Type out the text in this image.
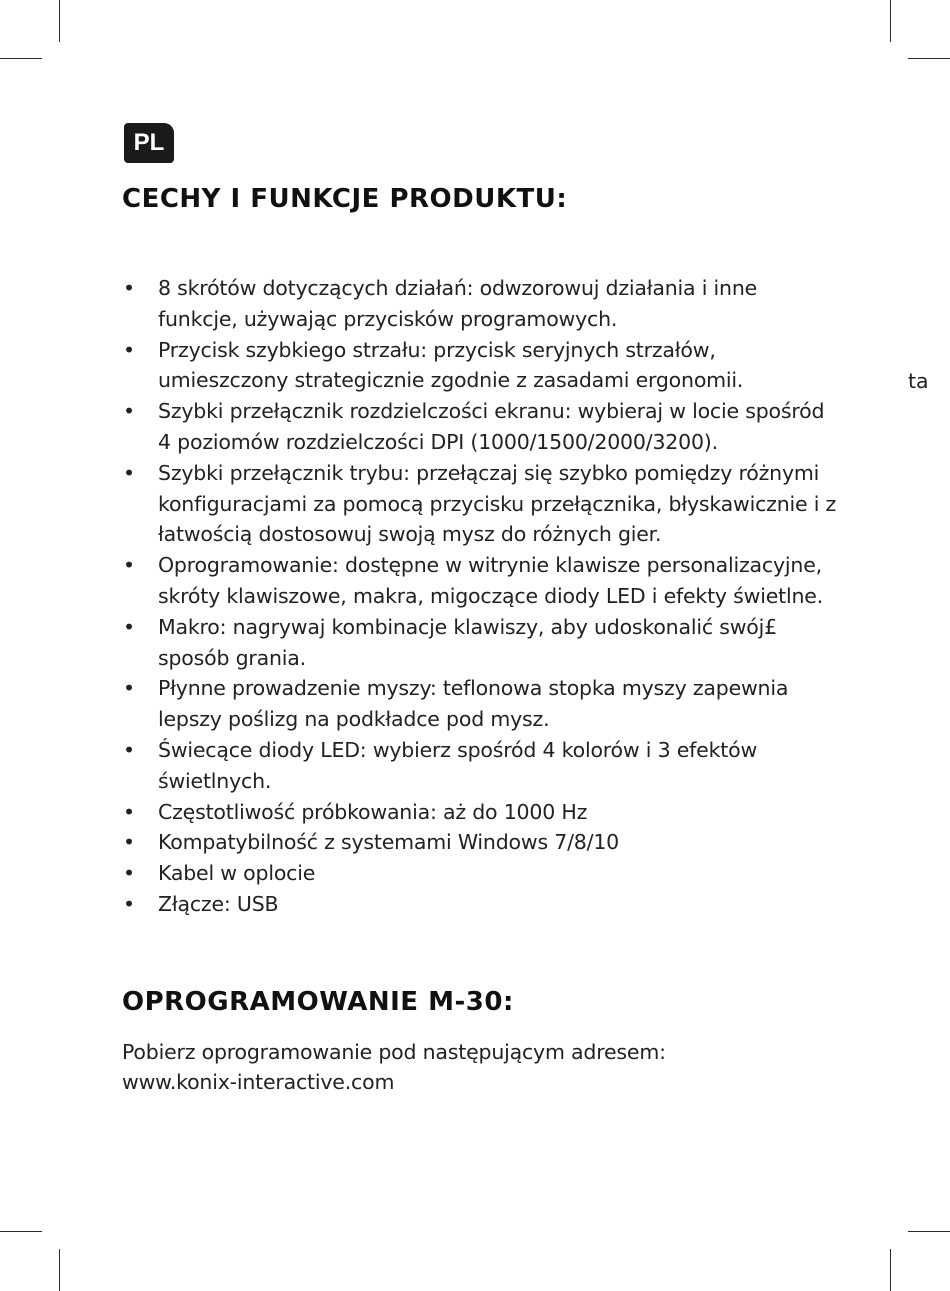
PL
CECHY I FUNKCJE PRODUKTU:
• 8 skrótów dotyczących działań: odwzorowuj działania i inne funkcje, używając przycisków programowych.
• Przycisk szybkiego strzału: przycisk seryjnych strzałów, umieszczony strategicznie zgodnie z zasadami ergonomii.
• Szybki przełącznik rozdzielczości ekranu: wybieraj w locie spośród 4 poziomów rozdzielczości DPI (1000/1500/2000/3200).
• Szybki przełącznik trybu: przełączaj się szybko pomiędzy różnymi konfiguracjami za pomocą przycisku przełącznika, błyskawicznie i z łatwością dostosowuj swoją mysz do różnych gier.
• Oprogramowanie: dostępne w witrynie klawisze personalizacyjne, skróty klawiszowe, makra, migoczące diody LED i efekty świetlne.
• Makro: nagrywaj kombinacje klawiszy, aby udoskonalić swój£ sposób grania.
• Płynne prowadzenie myszy: teflonowa stopka myszy zapewnia lepszy poślizg na podkładce pod mysz.
• Świecące diody LED: wybierz spośród 4 kolorów i 3 efektów świetlnych.
• Częstotliwość próbkowania: aż do 1000 Hz
• Kompatybilność z systemami Windows 7/8/10
• Kabel w oplocie
• Złącze: USB
ta
OPROGRAMOWANIE M-30:

Pobierz oprogramowanie pod następującym adresem:

www.konix-interactive.com
